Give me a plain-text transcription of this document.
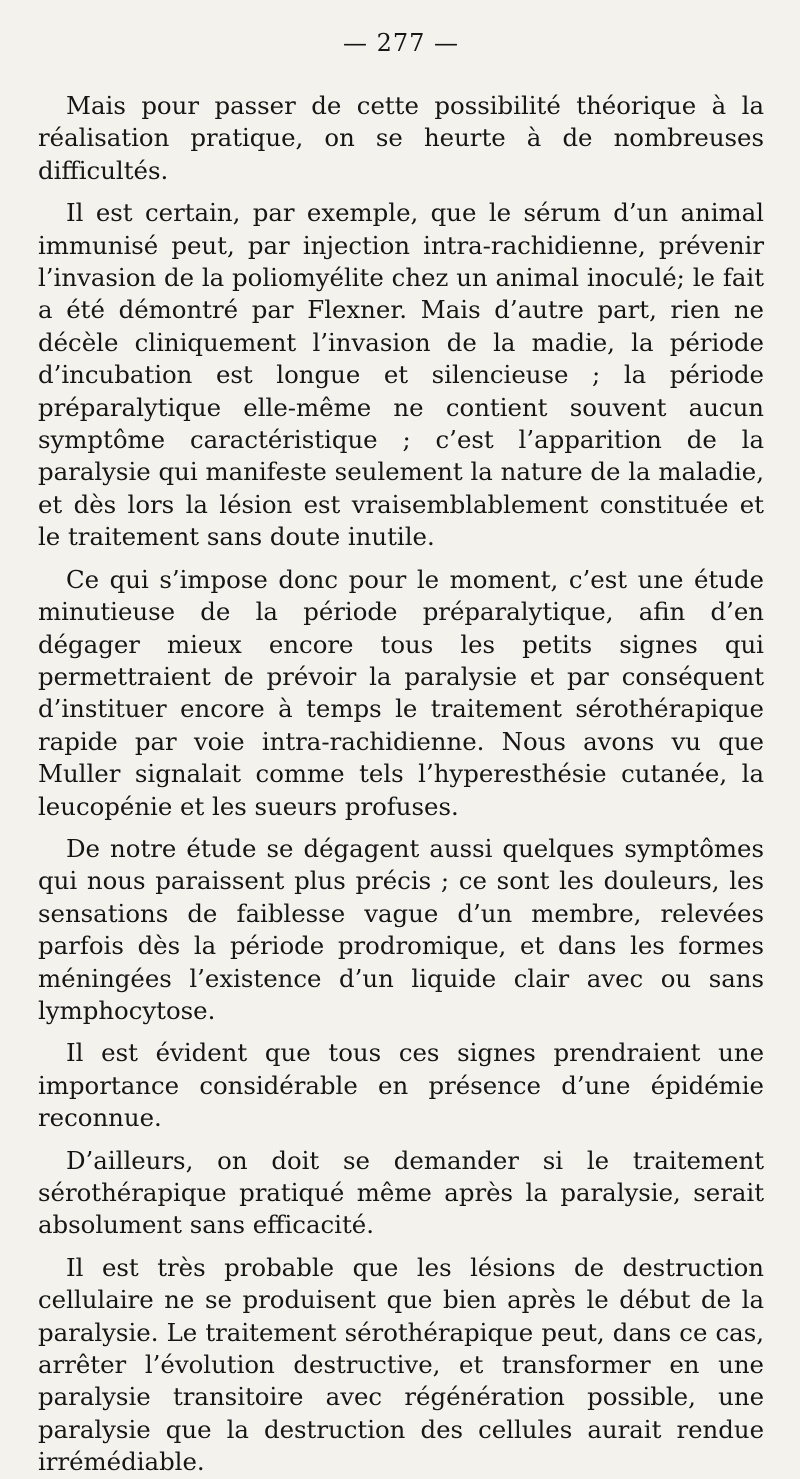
— 277 —

Mais pour passer de cette possibilité théorique à la réalisation pratique, on se heurte à de nombreuses difficultés.

Il est certain, par exemple, que le sérum d’un animal immunisé peut, par injection intra-rachidienne, prévenir l’invasion de la poliomyélite chez un animal inoculé; le fait a été démontré par Flexner. Mais d’autre part, rien ne décèle cliniquement l’invasion de la madie, la période d’incubation est longue et silencieuse ; la période préparalytique elle-même ne contient souvent aucun symptôme caractéristique ; c’est l’apparition de la paralysie qui manifeste seulement la nature de la maladie, et dès lors la lésion est vraisemblablement constituée et le traitement sans doute inutile.

Ce qui s’impose donc pour le moment, c’est une étude minutieuse de la période préparalytique, afin d’en dégager mieux encore tous les petits signes qui permettraient de prévoir la paralysie et par conséquent d’instituer encore à temps le traitement sérothérapique rapide par voie intra-rachidienne. Nous avons vu que Muller signalait comme tels l’hyperesthésie cutanée, la leucopénie et les sueurs profuses.

De notre étude se dégagent aussi quelques symptômes qui nous paraissent plus précis ; ce sont les douleurs, les sensations de faiblesse vague d’un membre, relevées parfois dès la période prodromique, et dans les formes méningées l’existence d’un liquide clair avec ou sans lymphocytose.

Il est évident que tous ces signes prendraient une importance considérable en présence d’une épidémie reconnue.

D’ailleurs, on doit se demander si le traitement sérothérapique pratiqué même après la paralysie, serait absolument sans efficacité.

Il est très probable que les lésions de destruction cellulaire ne se produisent que bien après le début de la paralysie. Le traitement sérothérapique peut, dans ce cas, arrêter l’évolution destructive, et transformer en une paralysie transitoire avec régénération possible, une paralysie que la destruction des cellules aurait rendue irrémédiable.
